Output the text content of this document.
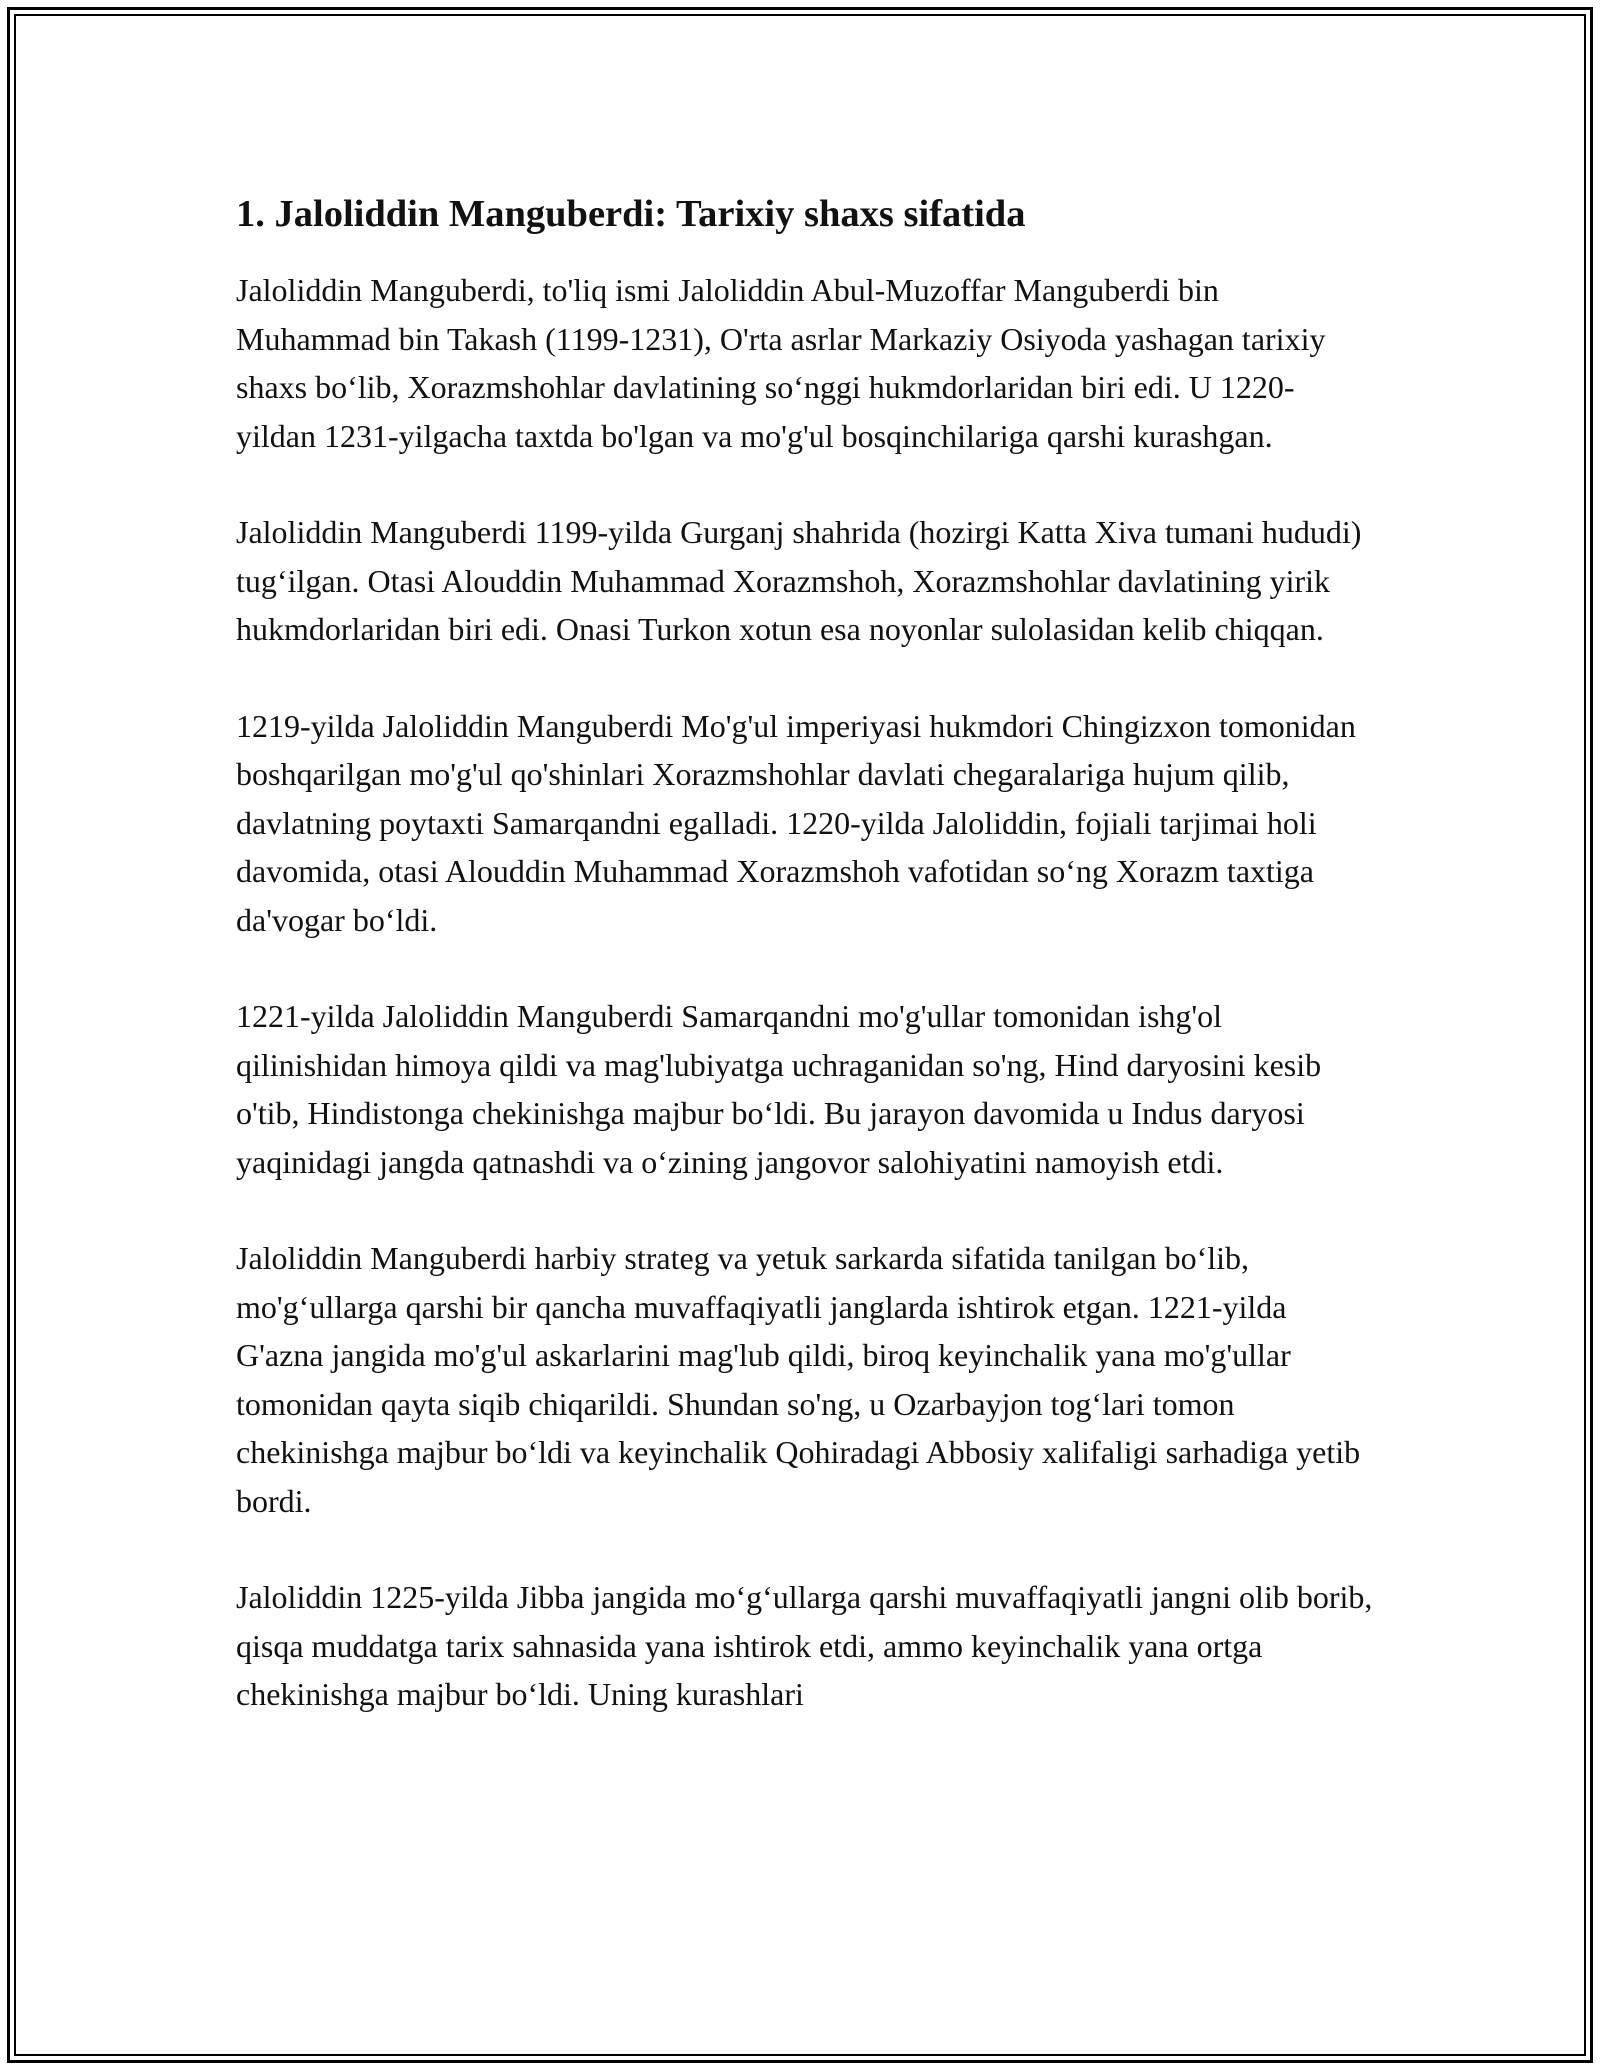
1. Jaloliddin Manguberdi: Tarixiy shaxs sifatida

Jaloliddin Manguberdi, to'liq ismi Jaloliddin Abul-Muzoffar Manguberdi bin Muhammad bin Takash (1199-1231), O'rta asrlar Markaziy Osiyoda yashagan tarixiy shaxs bo‘lib, Xorazmshohlar davlatining so‘nggi hukmdorlaridan biri edi. U 1220-yildan 1231-yilgacha taxtda bo'lgan va mo'g'ul bosqinchilariga qarshi kurashgan.

Jaloliddin Manguberdi 1199-yilda Gurganj shahrida (hozirgi Katta Xiva tumani hududi) tug‘ilgan. Otasi Alouddin Muhammad Xorazmshoh, Xorazmshohlar davlatining yirik hukmdorlaridan biri edi. Onasi Turkon xotun esa noyonlar sulolasidan kelib chiqqan.

1219-yilda Jaloliddin Manguberdi Mo'g'ul imperiyasi hukmdori Chingizxon tomonidan boshqarilgan mo'g'ul qo'shinlari Xorazmshohlar davlati chegaralariga hujum qilib, davlatning poytaxti Samarqandni egalladi. 1220-yilda Jaloliddin, fojiali tarjimai holi davomida, otasi Alouddin Muhammad Xorazmshoh vafotidan so‘ng Xorazm taxtiga da'vogar bo‘ldi.

1221-yilda Jaloliddin Manguberdi Samarqandni mo'g'ullar tomonidan ishg'ol qilinishidan himoya qildi va mag'lubiyatga uchraganidan so'ng, Hind daryosini kesib o'tib, Hindistonga chekinishga majbur bo‘ldi. Bu jarayon davomida u Indus daryosi yaqinidagi jangda qatnashdi va o‘zining jangovor salohiyatini namoyish etdi.

Jaloliddin Manguberdi harbiy strateg va yetuk sarkarda sifatida tanilgan bo‘lib, mo'g‘ullarga qarshi bir qancha muvaffaqiyatli janglarda ishtirok etgan. 1221-yilda G'azna jangida mo'g'ul askarlarini mag'lub qildi, biroq keyinchalik yana mo'g'ullar tomonidan qayta siqib chiqarildi. Shundan so'ng, u Ozarbayjon tog‘lari tomon chekinishga majbur bo‘ldi va keyinchalik Qohiradagi Abbosiy xalifaligi sarhadiga yetib bordi.

Jaloliddin 1225-yilda Jibba jangida mo‘g‘ullarga qarshi muvaffaqiyatli jangni olib borib, qisqa muddatga tarix sahnasida yana ishtirok etdi, ammo keyinchalik yana ortga chekinishga majbur bo‘ldi. Uning kurashlari
